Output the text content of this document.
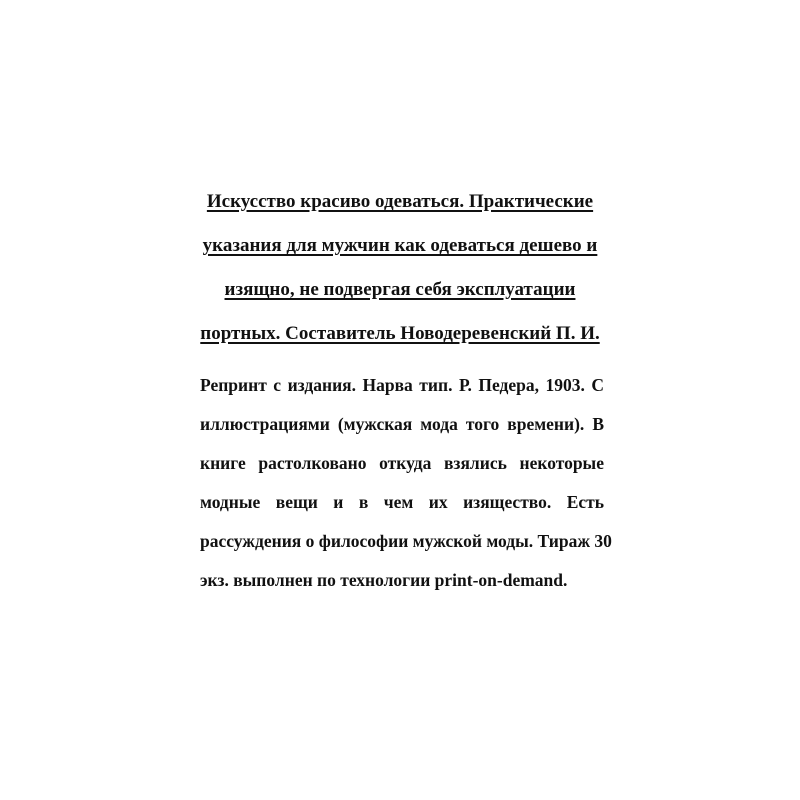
Искусство красиво одеваться. Практические
указания для мужчин как одеваться дешево и
изящно, не подвергая себя эксплуатации
портных. Составитель Новодеревенский П. И.
Репринт с издания. Нарва тип. Р. Педера, 1903. С
иллюстрациями (мужская мода того времени). В
книге растолковано откуда взялись некоторые
модные вещи и в чем их изящество. Есть
рассуждения о философии мужской моды. Тираж 30
экз. выполнен по технологии print-on-demand.
